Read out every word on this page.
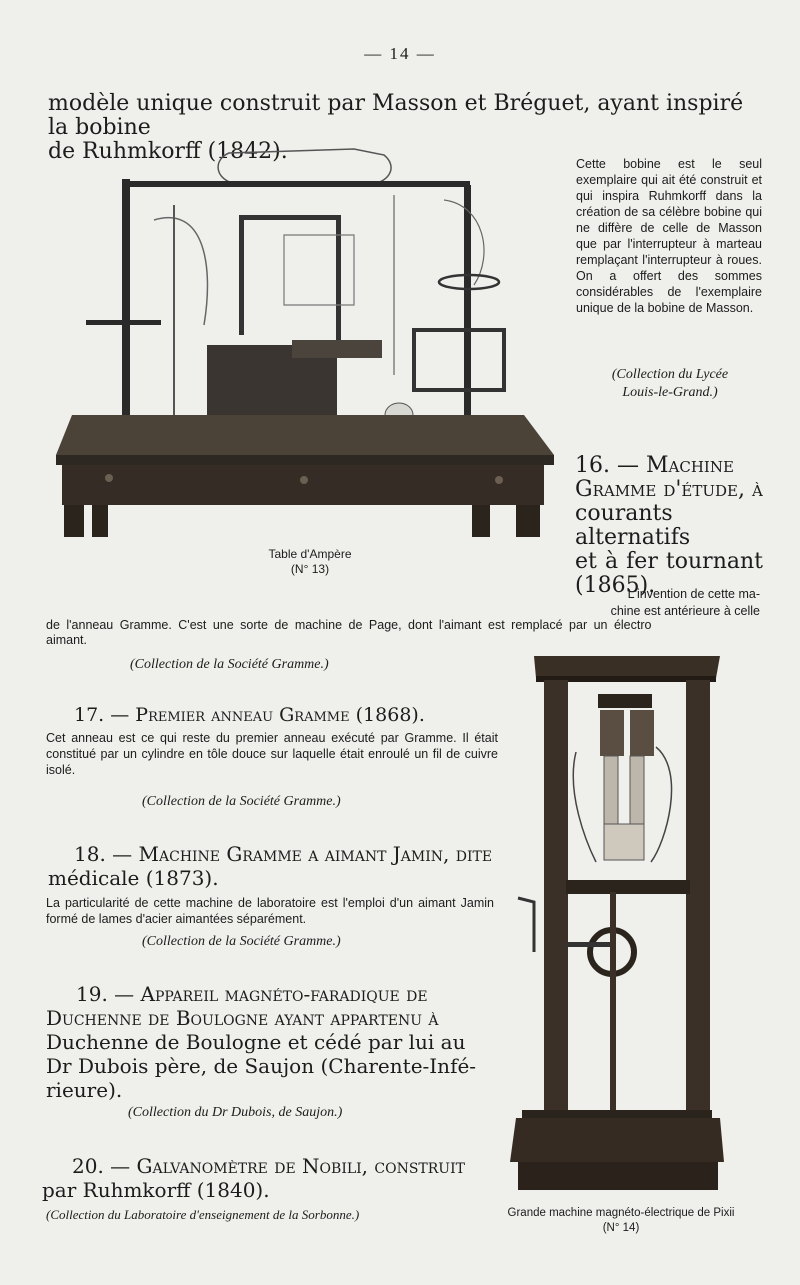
— 14 —
modèle unique construit par Masson et Bréguet, ayant inspiré la bobine
de Ruhmkorff (1842).
Table d'Ampère
(N° 13)
Cette bobine est le seul exemplaire qui ait été construit et qui inspira Ruhmkorff dans la création de sa célèbre bobine qui ne diffère de celle de Masson que par l'interrupteur à marteau remplaçant l'interrupteur à roues. On a offert des sommes considérables de l'exemplaire unique de la bobine de Masson.
(Collection du Lycée
Louis-le-Grand.)
16. — Machine
Gramme d'étude, à
courants alternatifs
et à fer tournant
(1865).
L'invention de cette ma-
chine est antérieure à celle
de l'anneau Gramme. C'est une sorte de machine de Page, dont l'aimant est remplacé par un électro
aimant.
(Collection de la Société Gramme.)
17. — Premier anneau Gramme (1868).
Cet anneau est ce qui reste du premier anneau exécuté par Gramme. Il était constitué par un cylindre en tôle douce sur laquelle était enroulé un fil de cuivre isolé.
(Collection de la Société Gramme.)
18. — Machine Gramme a aimant Jamin, dite
médicale (1873).
La particularité de cette machine de laboratoire est l'emploi d'un aimant Jamin formé de lames d'acier aimantées séparément.
(Collection de la Société Gramme.)
19. — Appareil magnéto-faradique de
Duchenne de Boulogne ayant appartenu à
Duchenne de Boulogne et cédé par lui au
Dr Dubois père, de Saujon (Charente-Infé-
rieure).
(Collection du Dr Dubois, de Saujon.)
20. — Galvanomètre de Nobili, construit
par Ruhmkorff (1840).
(Collection du Laboratoire d'enseignement de la Sorbonne.)	Grande machine magnéto-électrique de Pixii
(N° 14)
